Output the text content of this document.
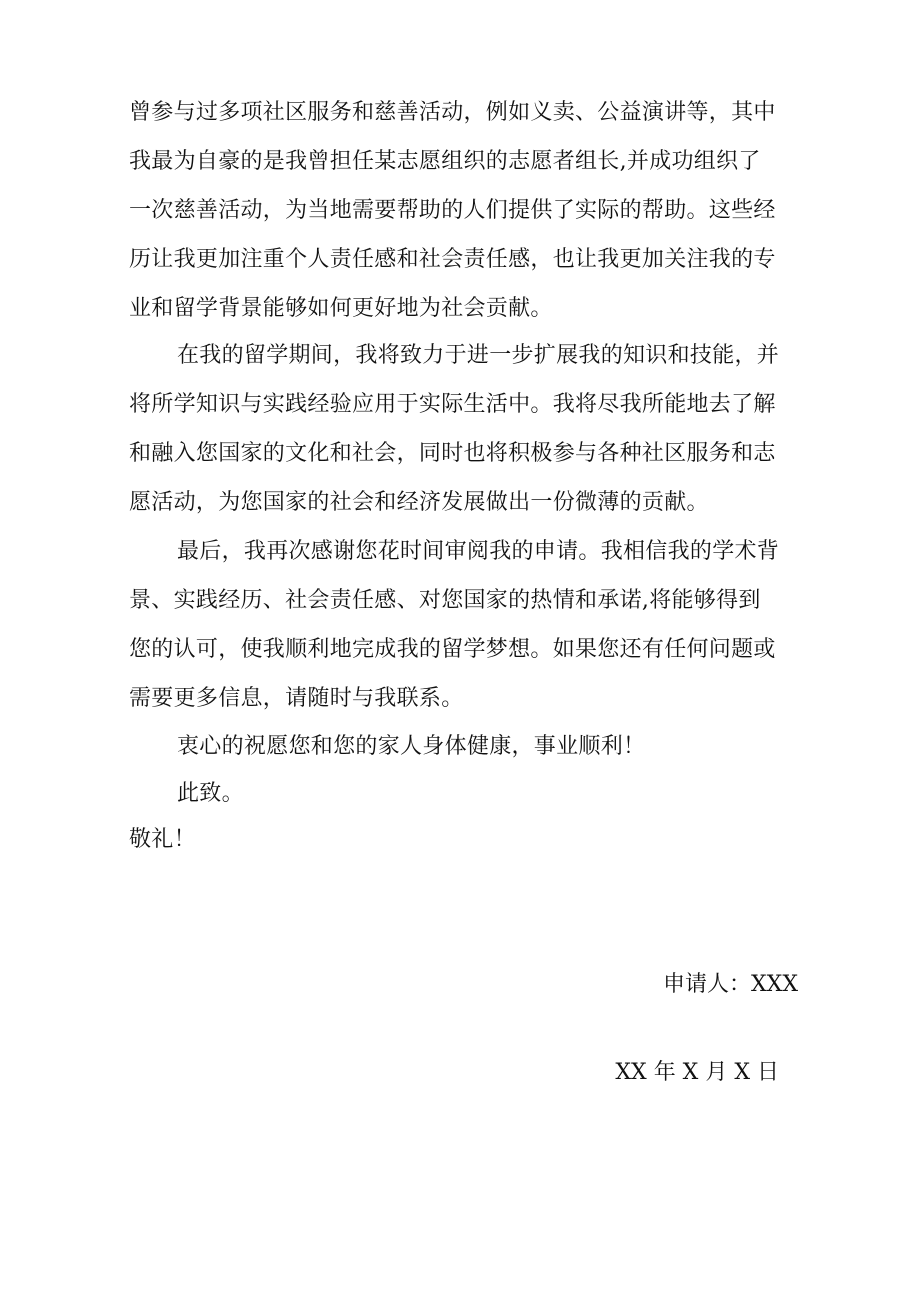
曾参与过多项社区服务和慈善活动，例如义卖、公益演讲等，其中
我最为自豪的是我曾担任某志愿组织的志愿者组长,并成功组织了
一次慈善活动，为当地需要帮助的人们提供了实际的帮助。这些经
历让我更加注重个人责任感和社会责任感，也让我更加关注我的专
业和留学背景能够如何更好地为社会贡献。

在我的留学期间，我将致力于进一步扩展我的知识和技能，并
将所学知识与实践经验应用于实际生活中。我将尽我所能地去了解
和融入您国家的文化和社会，同时也将积极参与各种社区服务和志
愿活动，为您国家的社会和经济发展做出一份微薄的贡献。

最后，我再次感谢您花时间审阅我的申请。我相信我的学术背
景、实践经历、社会责任感、对您国家的热情和承诺,将能够得到
您的认可，使我顺利地完成我的留学梦想。如果您还有任何问题或
需要更多信息，请随时与我联系。

衷心的祝愿您和您的家人身体健康，事业顺利！

此致。

敬礼！

申请人：XXX
XX 年 X 月 X 日
